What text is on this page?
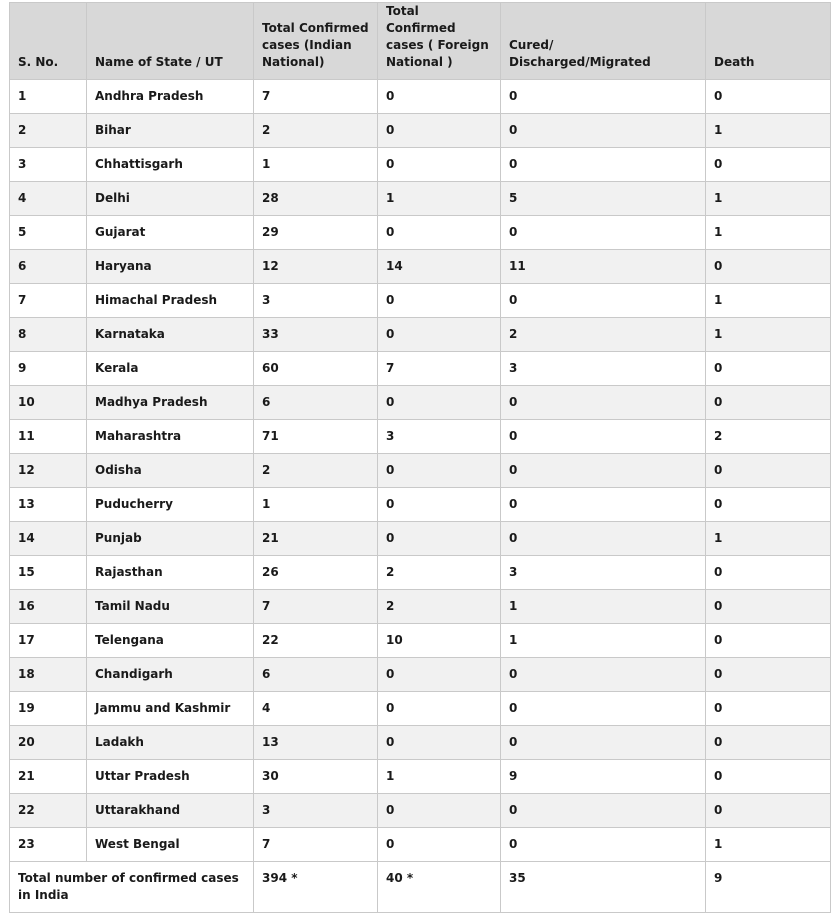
S. No.	Name of State / UT	Total Confirmed cases (Indian National)	Total Confirmed cases ( Foreign National )	Cured/ Discharged/Migrated	Death
1	Andhra Pradesh	7	0	0	0
2	Bihar	2	0	0	1
3	Chhattisgarh	1	0	0	0
4	Delhi	28	1	5	1
5	Gujarat	29	0	0	1
6	Haryana	12	14	11	0
7	Himachal Pradesh	3	0	0	1
8	Karnataka	33	0	2	1
9	Kerala	60	7	3	0
10	Madhya Pradesh	6	0	0	0
11	Maharashtra	71	3	0	2
12	Odisha	2	0	0	0
13	Puducherry	1	0	0	0
14	Punjab	21	0	0	1
15	Rajasthan	26	2	3	0
16	Tamil Nadu	7	2	1	0
17	Telengana	22	10	1	0
18	Chandigarh	6	0	0	0
19	Jammu and Kashmir	4	0	0	0
20	Ladakh	13	0	0	0
21	Uttar Pradesh	30	1	9	0
22	Uttarakhand	3	0	0	0
23	West Bengal	7	0	0	1
Total number of confirmed cases in India		394 *	40 *	35	9
